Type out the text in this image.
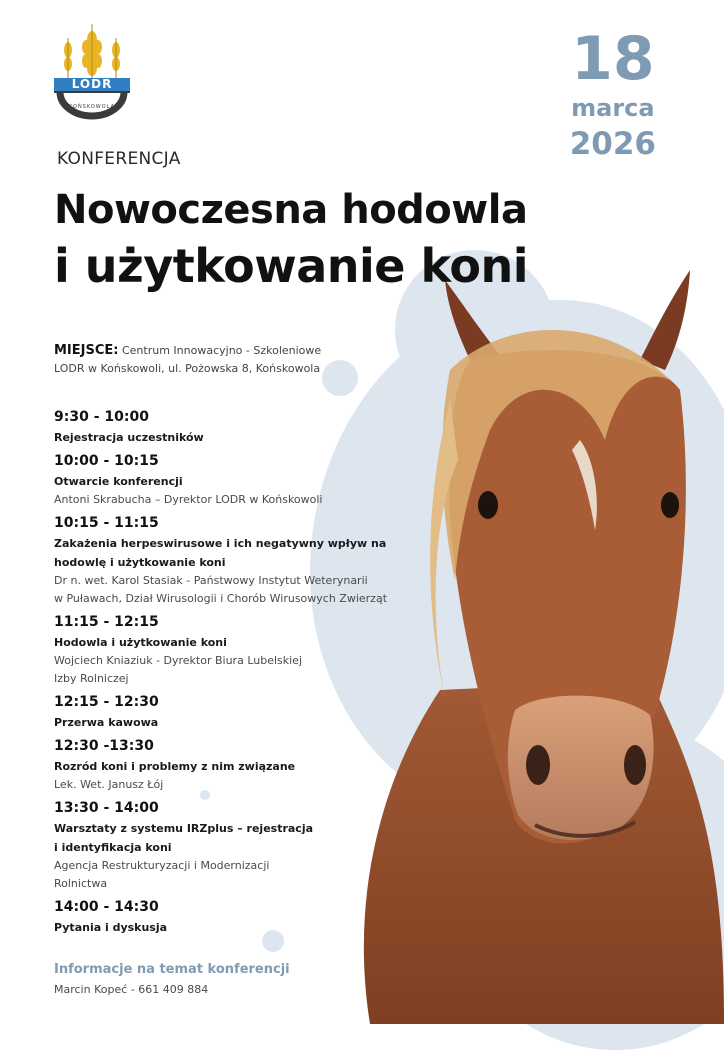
LODR
KOŃSKOWOLA
18
marca
2026
KONFERENCJA
Nowoczesna hodowla
i użytkowanie koni
MIEJSCE: Centrum Innowacyjno - Szkoleniowe
LODR w Końskowoli, ul. Pożowska 8, Końskowola
9:30 - 10:00
Rejestracja uczestników
10:00 - 10:15
Otwarcie konferencji
Antoni Skrabucha – Dyrektor LODR w Końskowoli
10:15 - 11:15
Zakażenia herpeswirusowe i ich negatywny wpływ na
hodowlę i użytkowanie koni
Dr n. wet. Karol Stasiak - Państwowy Instytut Weterynarii
w Puławach, Dział Wirusologii i Chorób Wirusowych Zwierząt
11:15 - 12:15
Hodowla i użytkowanie koni
Wojciech Kniaziuk - Dyrektor Biura Lubelskiej
Izby Rolniczej
12:15 - 12:30
Przerwa kawowa
12:30 -13:30
Rozród koni i problemy z nim związane
Lek. Wet. Janusz Łój
13:30 - 14:00
Warsztaty z systemu IRZplus – rejestracja
i identyfikacja koni
Agencja Restrukturyzacji i Modernizacji
Rolnictwa
14:00 - 14:30
Pytania i dyskusja
Informacje na temat konferencji
Marcin Kopeć - 661 409 884
